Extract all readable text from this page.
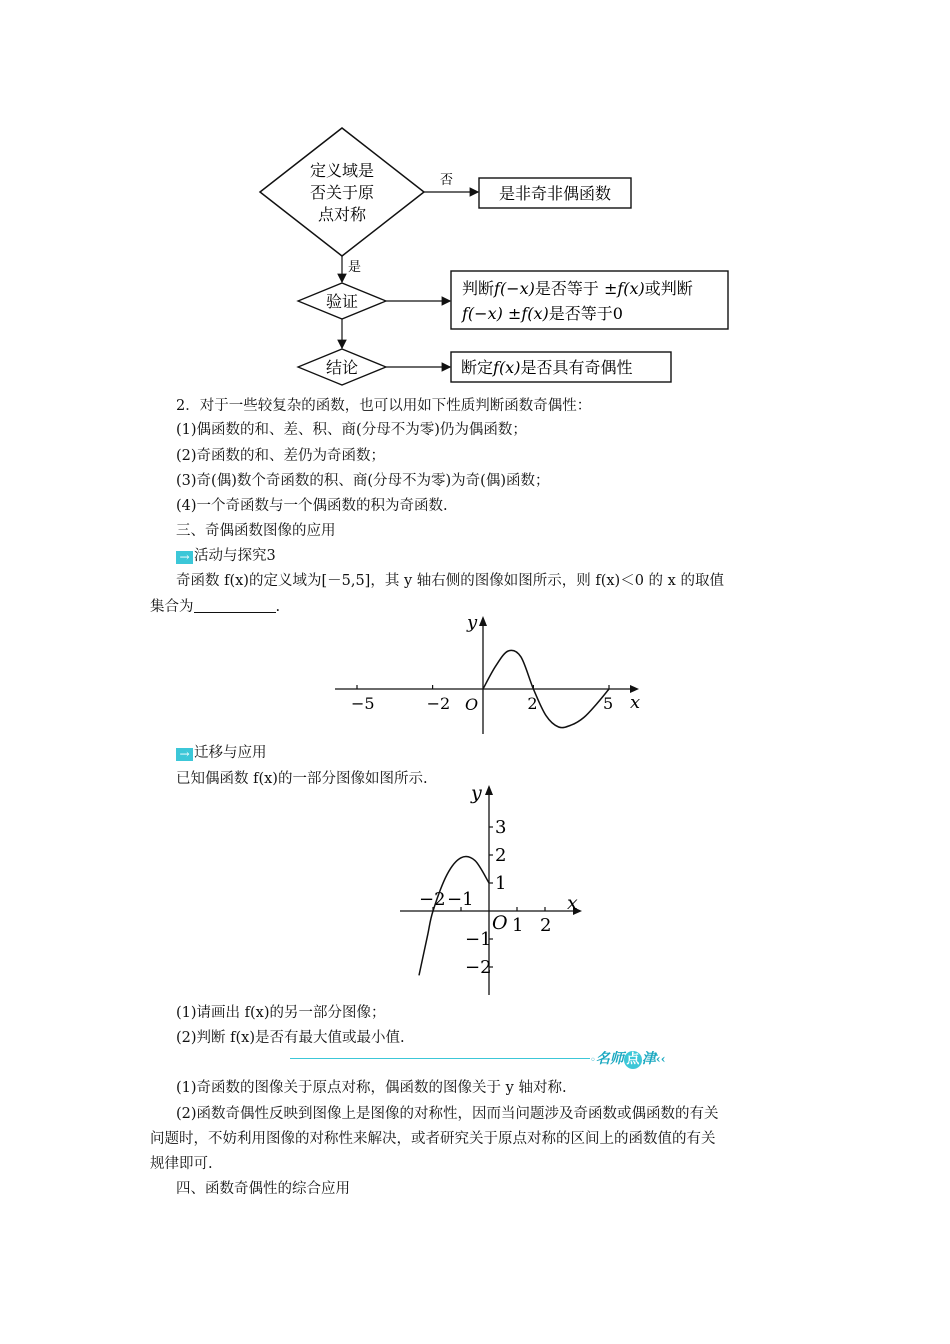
定义域是
否关于原
点对称
否
是非奇非偶函数
是
验证
判断f(−x)是否等于 ±f(x)或判断
f(−x) ±f(x)是否等于0
结论	断定f(x)是否具有奇偶性
2．对于一些较复杂的函数，也可以用如下性质判断函数奇偶性：
(1)偶函数的和、差、积、商(分母不为零)仍为偶函数；
(2)奇函数的和、差仍为奇函数；
(3)奇(偶)数个奇函数的积、商(分母不为零)为奇(偶)函数；
(4)一个奇函数与一个偶函数的积为奇函数.
三、奇偶函数图像的应用
→ 活动与探究3
奇函数 f(x)的定义域为[－5,5]，其 y 轴右侧的图像如图所示，则 f(x)＜0 的 x 的取值
集合为	.
−5	−2	2	5
O	x
y
→ 迁移与应用
已知偶函数 f(x)的一部分图像如图所示.
−2 −1
1 2
3
2
1
−1
−2
O
x
y
(1)请画出 f(x)的另一部分图像；
(2)判断 f(x)是否有最大值或最小值.
◦名师 点 津‹‹
(1)奇函数的图像关于原点对称，偶函数的图像关于 y 轴对称.
(2)函数奇偶性反映到图像上是图像的对称性，因而当问题涉及奇函数或偶函数的有关
问题时，不妨利用图像的对称性来解决，或者研究关于原点对称的区间上的函数值的有关
规律即可.
四、函数奇偶性的综合应用
